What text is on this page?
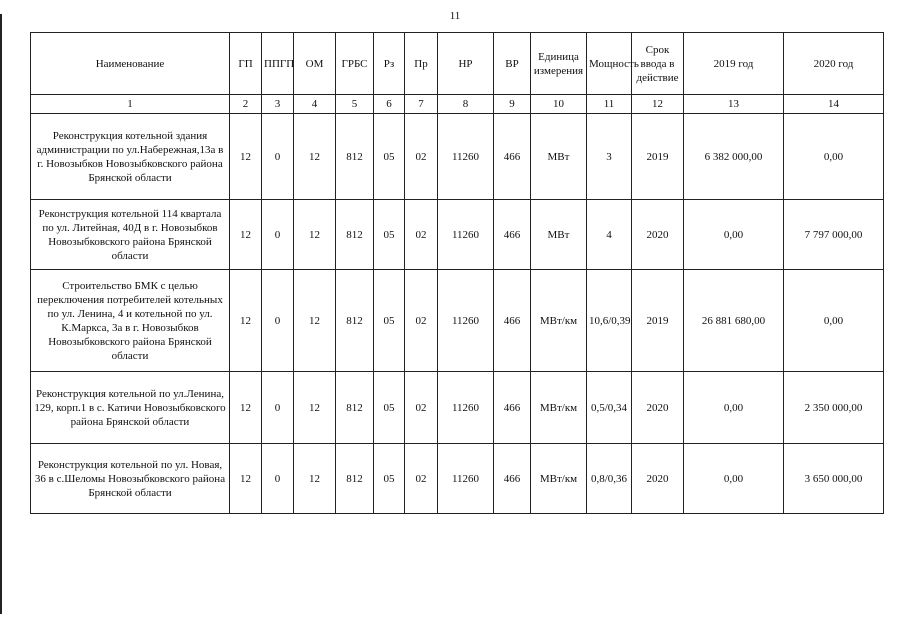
11
Наименование	ГП	ППГП	ОМ	ГРБС	Рз	Пр	НР	ВР	Единица измерения	Мощность	Срок ввода в действие	2019 год	2020 год
1	2	3	4	5	6	7	8	9	10	11	12	13	14
Реконструкция котельной здания администрации по ул.Набережная,13а в г. Новозыбков Новозыбковского района Брянской области	12	0	12	812	05	02	11260	466	МВт	3	2019	6 382 000,00	0,00
Реконструкция котельной 114 квартала по ул. Литейная, 40Д в г. Новозыбков Новозыбковского района Брянской области	12	0	12	812	05	02	11260	466	МВт	4	2020	0,00	7 797 000,00
Строительство БМК с целью переключения потребителей котельных по ул. Ленина, 4 и котельной по ул. К.Маркса, 3а в г. Новозыбков Новозыбковского района Брянской области	12	0	12	812	05	02	11260	466	МВт/км	10,6/0,39	2019	26 881 680,00	0,00
Реконструкция котельной по ул.Ленина, 129, корп.1 в с. Катичи Новозыбковского района Брянской области	12	0	12	812	05	02	11260	466	МВт/км	0,5/0,34	2020	0,00	2 350 000,00
Реконструкция котельной по ул. Новая, 36 в с.Шеломы Новозыбковского района Брянской области	12	0	12	812	05	02	11260	466	МВт/км	0,8/0,36	2020	0,00	3 650 000,00
